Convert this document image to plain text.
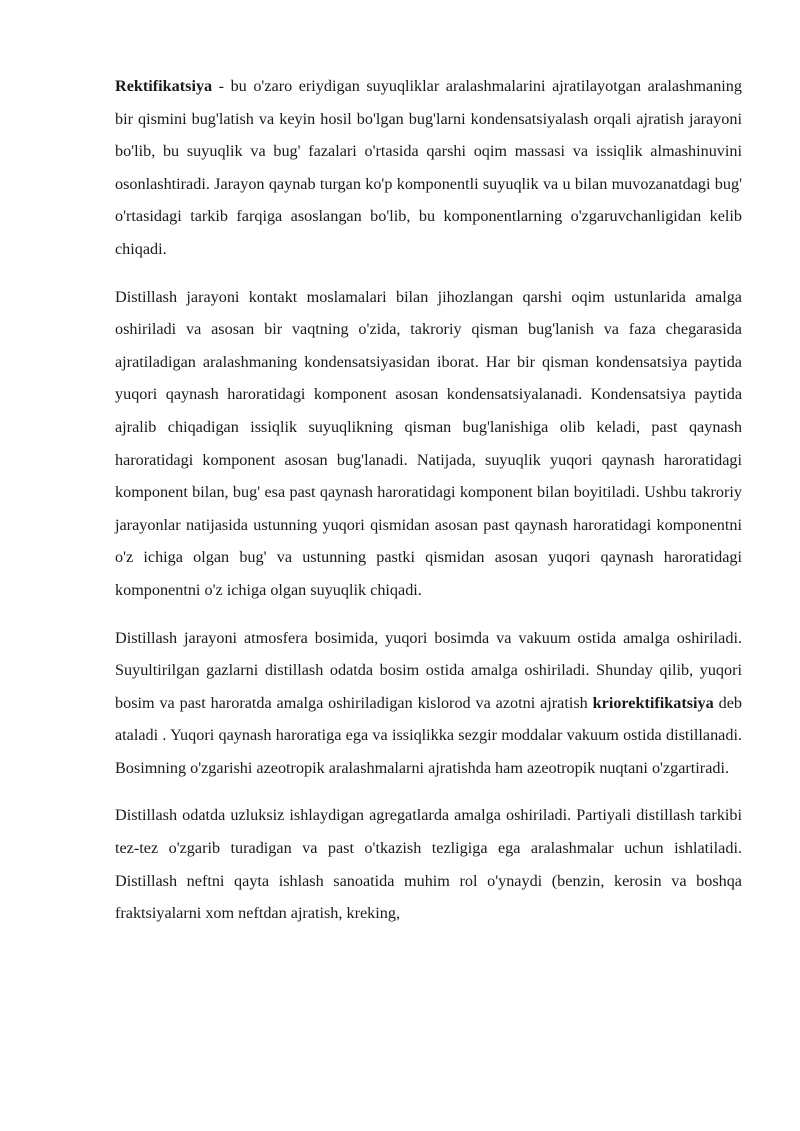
Rektifikatsiya - bu o'zaro eriydigan suyuqliklar aralashmalarini ajratilayotgan aralashmaning bir qismini bug'latish va keyin hosil bo'lgan bug'larni kondensatsiyalash orqali ajratish jarayoni bo'lib, bu suyuqlik va bug' fazalari o'rtasida qarshi oqim massasi va issiqlik almashinuvini osonlashtiradi. Jarayon qaynab turgan ko'p komponentli suyuqlik va u bilan muvozanatdagi bug' o'rtasidagi tarkib farqiga asoslangan bo'lib, bu komponentlarning o'zgaruvchanligidan kelib chiqadi.

Distillash jarayoni kontakt moslamalari bilan jihozlangan qarshi oqim ustunlarida amalga oshiriladi va asosan bir vaqtning o'zida, takroriy qisman bug'lanish va faza chegarasida ajratiladigan aralashmaning kondensatsiyasidan iborat. Har bir qisman kondensatsiya paytida yuqori qaynash haroratidagi komponent asosan kondensatsiyalanadi. Kondensatsiya paytida ajralib chiqadigan issiqlik suyuqlikning qisman bug'lanishiga olib keladi, past qaynash haroratidagi komponent asosan bug'lanadi. Natijada, suyuqlik yuqori qaynash haroratidagi komponent bilan, bug' esa past qaynash haroratidagi komponent bilan boyitiladi. Ushbu takroriy jarayonlar natijasida ustunning yuqori qismidan asosan past qaynash haroratidagi komponentni o'z ichiga olgan bug' va ustunning pastki qismidan asosan yuqori qaynash haroratidagi komponentni o'z ichiga olgan suyuqlik chiqadi.

Distillash jarayoni atmosfera bosimida, yuqori bosimda va vakuum ostida amalga oshiriladi. Suyultirilgan gazlarni distillash odatda bosim ostida amalga oshiriladi. Shunday qilib, yuqori bosim va past haroratda amalga oshiriladigan kislorod va azotni ajratish kriorektifikatsiya deb ataladi . Yuqori qaynash haroratiga ega va issiqlikka sezgir moddalar vakuum ostida distillanadi. Bosimning o'zgarishi azeotropik aralashmalarni ajratishda ham azeotropik nuqtani o'zgartiradi.

Distillash odatda uzluksiz ishlaydigan agregatlarda amalga oshiriladi. Partiyali distillash tarkibi tez-tez o'zgarib turadigan va past o'tkazish tezligiga ega aralashmalar uchun ishlatiladi. Distillash neftni qayta ishlash sanoatida muhim rol o'ynaydi (benzin, kerosin va boshqa fraktsiyalarni xom neftdan ajratish, kreking,
